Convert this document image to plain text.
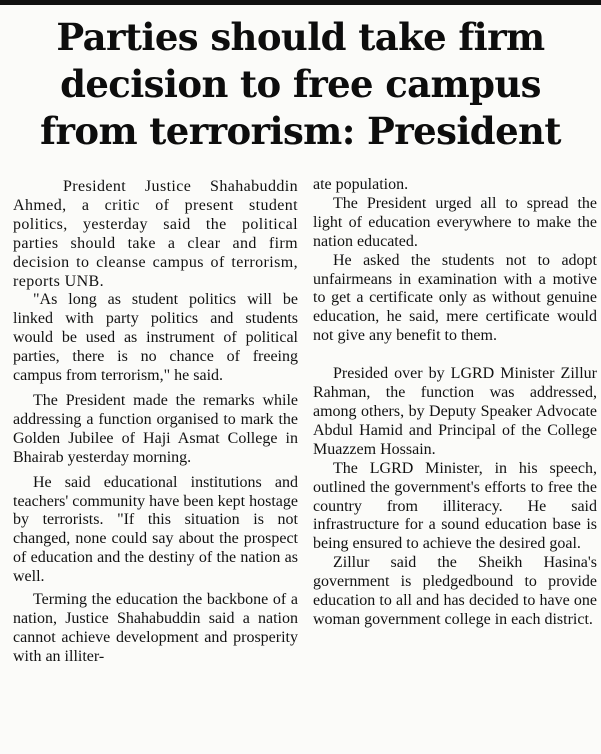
Parties should take firm decision to free campus from terrorism: President

President Justice Shahabuddin Ahmed, a critic of present student politics, yesterday said the political parties should take a clear and firm decision to cleanse campus of terrorism, reports UNB.

"As long as student politics will be linked with party politics and students would be used as instrument of political parties, there is no chance of freeing campus from terrorism," he said.

The President made the remarks while addressing a function organised to mark the Golden Jubilee of Haji Asmat College in Bhairab yesterday morning.

He said educational institutions and teachers' community have been kept hostage by terrorists. "If this situation is not changed, none could say about the prospect of education and the destiny of the nation as well.

Terming the education the backbone of a nation, Justice Shahabuddin said a nation cannot achieve development and prosperity with an illiter-

ate population.

The President urged all to spread the light of education everywhere to make the nation educated.

He asked the students not to adopt unfairmeans in examination with a motive to get a certificate only as without genuine education, he said, mere certificate would not give any benefit to them.

Presided over by LGRD Minister Zillur Rahman, the function was addressed, among others, by Deputy Speaker Advocate Abdul Hamid and Principal of the College Muazzem Hossain.

The LGRD Minister, in his speech, outlined the government's efforts to free the country from illiteracy. He said infrastructure for a sound education base is being ensured to achieve the desired goal.

Zillur said the Sheikh Hasina's government is pledgedbound to provide education to all and has decided to have one woman government college in each district.
